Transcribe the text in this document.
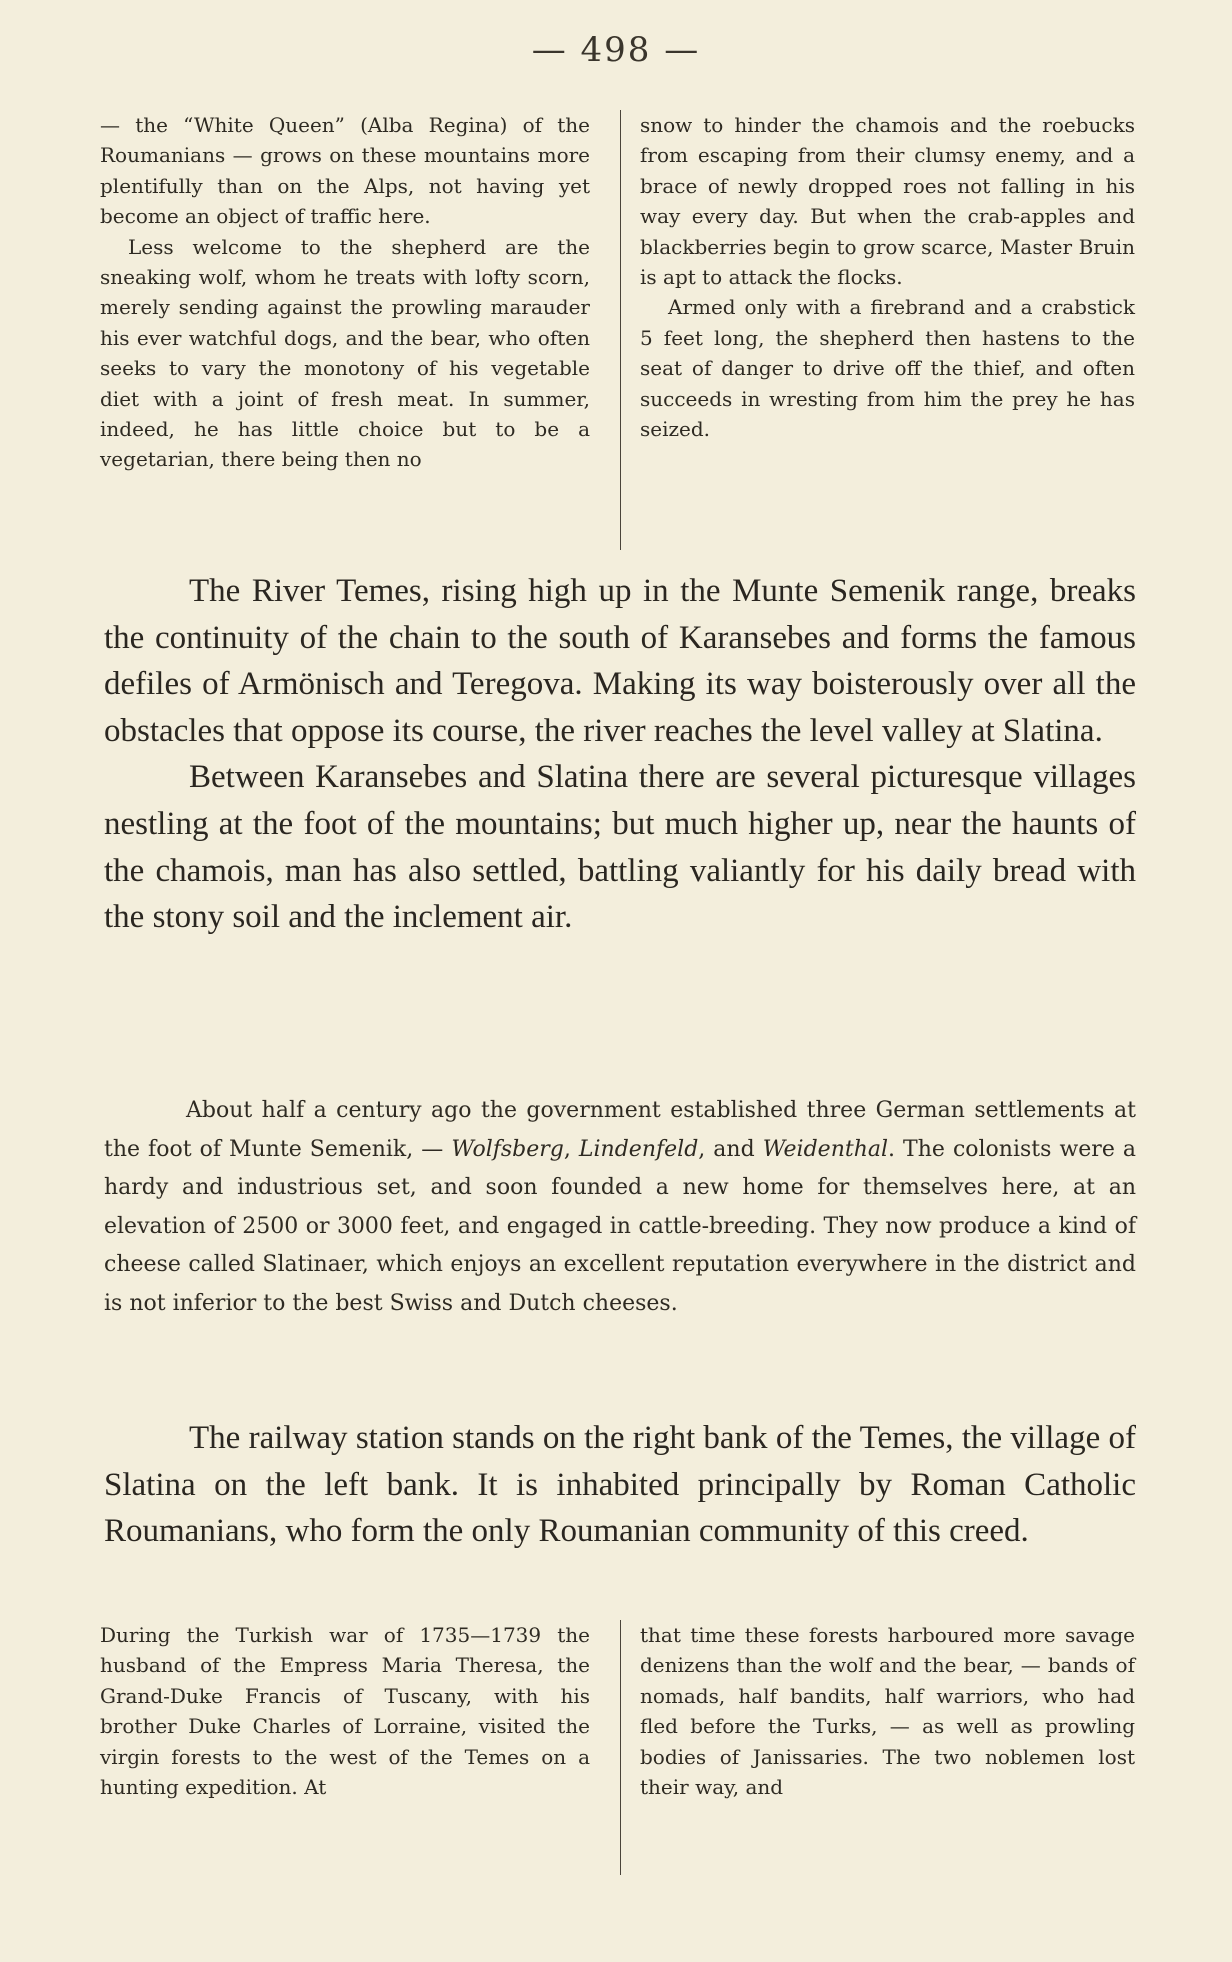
— 498 —

— the “White Queen” (Alba Regina) of the Roumanians — grows on these mountains more plentifully than on the Alps, not having yet become an object of traffic here.

Less welcome to the shepherd are the sneaking wolf, whom he treats with lofty scorn, merely sending against the prowling marauder his ever watchful dogs, and the bear, who often seeks to vary the monotony of his vegetable diet with a joint of fresh meat. In summer, indeed, he has little choice but to be a vegetarian, there being then no

snow to hinder the chamois and the roebucks from escaping from their clumsy enemy, and a brace of newly dropped roes not falling in his way every day. But when the crab-apples and blackberries begin to grow scarce, Master Bruin is apt to attack the flocks.

Armed only with a firebrand and a crabstick 5 feet long, the shepherd then hastens to the seat of danger to drive off the thief, and often succeeds in wresting from him the prey he has seized.

The River Temes, rising high up in the Munte Semenik range, breaks the continuity of the chain to the south of Karansebes and forms the famous defiles of Armönisch and Teregova. Making its way boisterously over all the obstacles that oppose its course, the river reaches the level valley at Slatina.

Between Karansebes and Slatina there are several picturesque villages nestling at the foot of the mountains; but much higher up, near the haunts of the chamois, man has also settled, battling valiantly for his daily bread with the stony soil and the inclement air.

About half a century ago the government established three German settlements at the foot of Munte Semenik, — Wolfsberg, Lindenfeld, and Weidenthal. The colonists were a hardy and industrious set, and soon founded a new home for themselves here, at an elevation of 2500 or 3000 feet, and engaged in cattle-breeding. They now produce a kind of cheese called Slatinaer, which enjoys an excellent reputation everywhere in the district and is not inferior to the best Swiss and Dutch cheeses.

The railway station stands on the right bank of the Temes, the village of Slatina on the left bank. It is inhabited principally by Roman Catholic Roumanians, who form the only Roumanian community of this creed.

During the Turkish war of 1735—1739 the husband of the Empress Maria Theresa, the Grand-Duke Francis of Tuscany, with his brother Duke Charles of Lorraine, visited the virgin forests to the west of the Temes on a hunting expedition. At

that time these forests harboured more savage denizens than the wolf and the bear, — bands of nomads, half bandits, half warriors, who had fled before the Turks, — as well as prowling bodies of Janissaries. The two noblemen lost their way, and
